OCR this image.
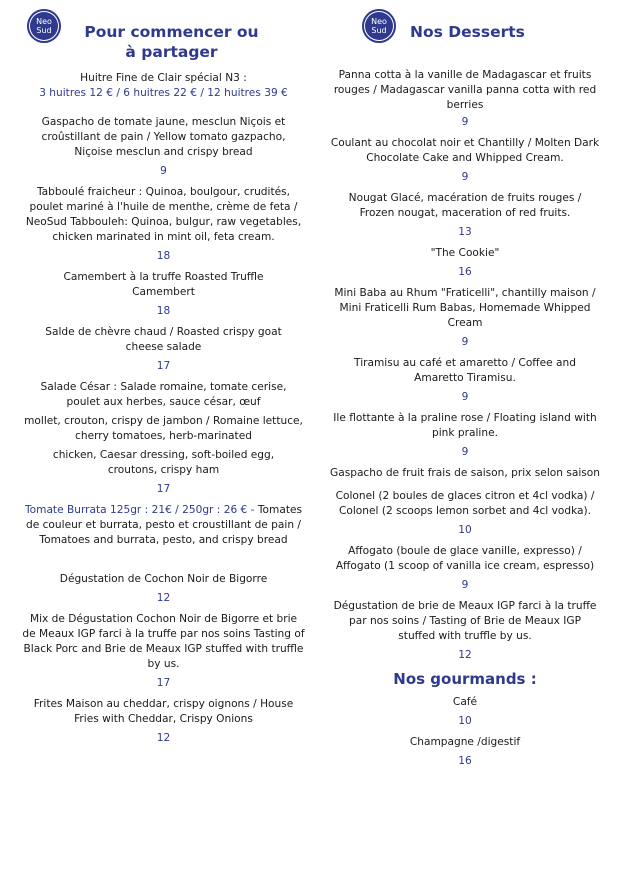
Neo
Sud	Pour commencer ou à partager

Huitre Fine de Clair spécial N3 :

3 huitres 12 € / 6 huitres 22 € / 12 huitres 39 €

Gaspacho de tomate jaune, mesclun Niçois et croûstillant de pain / Yellow tomato gazpacho, Niçoise mesclun and crispy bread

9

Tabboulé fraicheur : Quinoa, boulgour, crudités, poulet mariné à l'huile de menthe, crème de feta / NeoSud Tabbouleh: Quinoa, bulgur, raw vegetables, chicken marinated in mint oil, feta cream.

18

Camembert à la truffe Roasted Truffle Camembert

18

Salde de chèvre chaud / Roasted crispy goat cheese salade

17

Salade César : Salade romaine, tomate cerise, poulet aux herbes, sauce césar, œuf

mollet, crouton, crispy de jambon / Romaine lettuce, cherry tomatoes, herb-marinated

chicken, Caesar dressing, soft-boiled egg, croutons, crispy ham

17

Tomate Burrata 125gr : 21€ / 250gr : 26 € - Tomates de couleur et burrata, pesto et croustillant de pain / Tomatoes and burrata, pesto, and crispy bread

Dégustation de Cochon Noir de Bigorre

12

Mix de Dégustation Cochon Noir de Bigorre et brie de Meaux IGP farci à la truffe par nos soins Tasting of Black Porc and Brie de Meaux IGP stuffed with truffle by us.

17

Frites Maison au cheddar, crispy oignons / House Fries with Cheddar, Crispy Onions

12

Neo
Sud Nos Desserts

Panna cotta à la vanille de Madagascar et fruits rouges / Madagascar vanilla panna cotta with red berries

9

Coulant au chocolat noir et Chantilly / Molten Dark Chocolate Cake and Whipped Cream.

9

Nougat Glacé, macération de fruits rouges / Frozen nougat, maceration of red fruits.

13

"The Cookie"

16

Mini Baba au Rhum "Fraticelli", chantilly maison / Mini Fraticelli Rum Babas, Homemade Whipped Cream

9

Tiramisu au café et amaretto / Coffee and Amaretto Tiramisu.

9

Ile flottante à la praline rose / Floating island with pink praline.

9

Gaspacho de fruit frais de saison, prix selon saison

Colonel (2 boules de glaces citron et 4cl vodka) / Colonel (2 scoops lemon sorbet and 4cl vodka).

10

Affogato (boule de glace vanille, expresso) / Affogato (1 scoop of vanilla ice cream, espresso)

9

Dégustation de brie de Meaux IGP farci à la truffe par nos soins / Tasting of Brie de Meaux IGP stuffed with truffle by us.

12

Nos gourmands :

Café

10

Champagne /digestif

16
